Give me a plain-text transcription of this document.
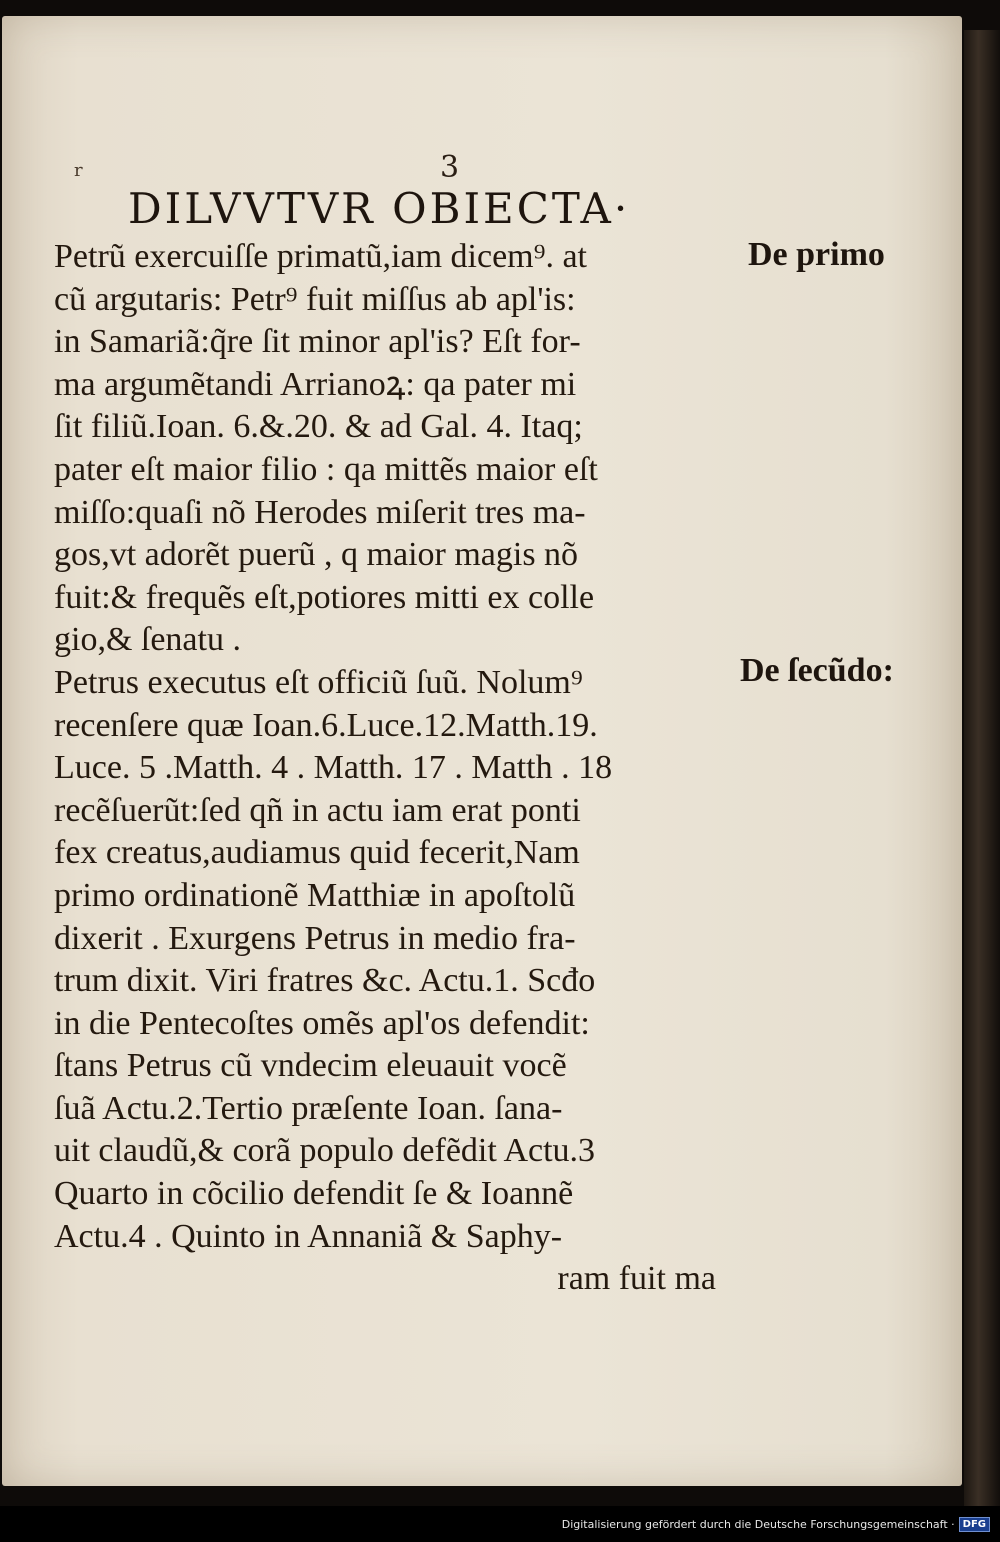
r	3
DILVVTVR OBIECTA·
Petrũ exercuiſſe primatũ,iam dicem⁹. at
cũ argutaris: Petr⁹ fuit miſſus ab apl'is:
in Samariã:q̃re ſit minor apl'is? Eſt for-
ma argumẽtandi Arrianoꝝ: qa pater mi
ſit filiũ.Ioan. 6.&.20. & ad Gal. 4. Itaq;
pater eſt maior filio : qa mittẽs maior eſt
miſſo:quaſi nõ Herodes miſerit tres ma-
gos,vt adorẽt puerũ , q maior magis nõ
fuit:& frequẽs eſt,potiores mitti ex colle
gio,& ſenatu .
Petrus executus eſt officiũ ſuũ. Nolum⁹
recenſere quæ Ioan.6.Luce.12.Matth.19.
Luce. 5 .Matth. 4 . Matth. 17 . Matth . 18
recẽſuerũt:ſed qñ in actu iam erat ponti
fex creatus,audiamus quid fecerit,Nam
primo ordinationẽ Matthiæ in apoſtolũ
dixerit . Exurgens Petrus in medio fra-
trum dixit. Viri fratres &c. Actu.1. Scđo
in die Pentecoſtes omẽs apl'os defendit:
ſtans Petrus cũ vndecim eleuauit vocẽ
ſuã Actu.2.Tertio præſente Ioan. ſana-
uit claudũ,& corã populo defẽdit Actu.3
Quarto in cõcilio defendit ſe & Ioannẽ
Actu.4 . Quinto in Annaniã & Saphy-
ram fuit ma
De primo
De ſecũdo:
Digitalisierung gefördert durch die Deutsche Forschungsgemeinschaft · DFG
